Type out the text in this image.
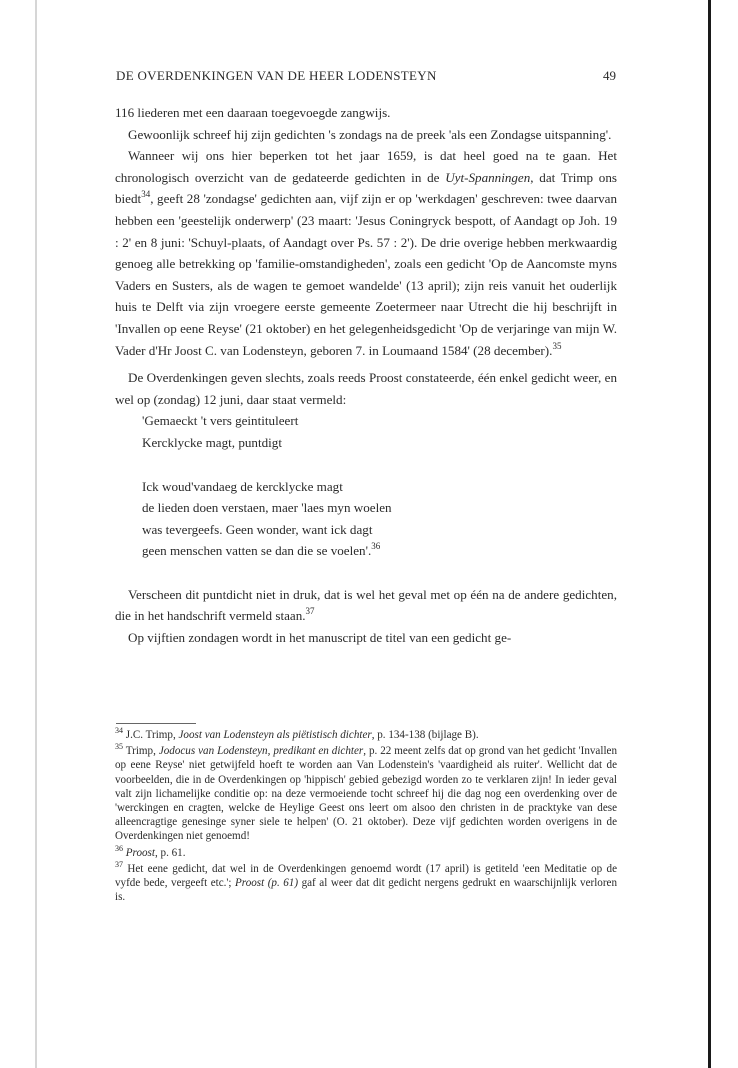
DE OVERDENKINGEN VAN DE HEER LODENSTEYN	49

116 liederen met een daaraan toegevoegde zangwijs.

Gewoonlijk schreef hij zijn gedichten 's zondags na de preek 'als een Zondagse uitspanning'.

Wanneer wij ons hier beperken tot het jaar 1659, is dat heel goed na te gaan. Het chronologisch overzicht van de gedateerde gedichten in de Uyt-Spanningen, dat Trimp ons biedt$^{34}$, geeft 28 'zondagse' gedichten aan, vijf zijn er op 'werkdagen' geschreven: twee daarvan hebben een 'geestelijk onderwerp' (23 maart: 'Jesus Coningryck bespott, of Aandagt op Joh. 19 : 2' en 8 juni: 'Schuyl-plaats, of Aandagt over Ps. 57 : 2'). De drie overige hebben merkwaardig genoeg alle betrekking op 'familie-omstandigheden', zoals een gedicht 'Op de Aancomste myns Vaders en Susters, als de wagen te gemoet wandelde' (13 april); zijn reis vanuit het ouderlijk huis te Delft via zijn vroegere eerste gemeente Zoetermeer naar Utrecht die hij beschrijft in 'Invallen op eene Reyse' (21 oktober) en het gelegenheidsgedicht 'Op de verjaringe van mijn W. Vader d'Hr Joost C. van Lodensteyn, geboren 7. in Loumaand 1584' (28 december).$^{35}$

De Overdenkingen geven slechts, zoals reeds Proost constateerde, één enkel gedicht weer, en wel op (zondag) 12 juni, daar staat vermeld:

'Gemaeckt 't vers geintituleert
Kercklycke magt, puntdigt
Ick woud'vandaeg de kercklycke magt
de lieden doen verstaen, maer 'laes myn woelen
was tevergeefs. Geen wonder, want ick dagt
geen menschen vatten se dan die se voelen'.$^{36}$

Verscheen dit puntdicht niet in druk, dat is wel het geval met op één na de andere gedichten, die in het handschrift vermeld staan.$^{37}$

Op vijftien zondagen wordt in het manuscript de titel van een gedicht ge-

$^{34}$ J.C. Trimp, Joost van Lodensteyn als piëtistisch dichter, p. 134-138 (bijlage B).

$^{35}$ Trimp, Jodocus van Lodensteyn, predikant en dichter, p. 22 meent zelfs dat op grond van het gedicht 'Invallen op eene Reyse' niet getwijfeld hoeft te worden aan Van Lodenstein's 'vaardigheid als ruiter'. Wellicht dat de voorbeelden, die in de Overdenkingen op 'hippisch' gebied gebezigd worden zo te verklaren zijn! In ieder geval valt zijn lichamelijke conditie op: na deze vermoeiende tocht schreef hij die dag nog een overdenking over de 'werckingen en cragten, welcke de Heylige Geest ons leert om alsoo den christen in de pracktyke van dese alleencragtige genesinge syner siele te helpen' (O. 21 oktober). Deze vijf gedichten worden overigens in de Overdenkingen niet genoemd!

$^{36}$ Proost, p. 61.

$^{37}$ Het eene gedicht, dat wel in de Overdenkingen genoemd wordt (17 april) is getiteld 'een Meditatie op de vyfde bede, vergeeft etc.'; Proost (p. 61) gaf al weer dat dit gedicht nergens gedrukt en waarschijnlijk verloren is.
